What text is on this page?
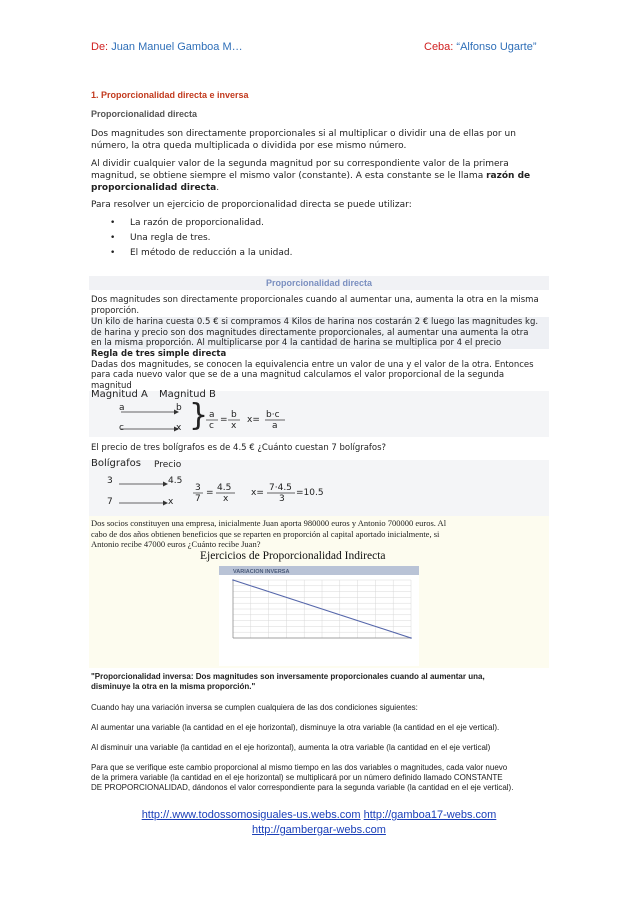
De: Juan Manuel Gamboa M…	Ceba: “Alfonso Ugarte”
1. Proporcionalidad directa e inversa
Proporcionalidad directa
Dos magnitudes son directamente proporcionales si al multiplicar o dividir una de ellas por un
número, la otra queda multiplicada o dividida por ese mismo número.
Al dividir cualquier valor de la segunda magnitud por su correspondiente valor de la primera
magnitud, se obtiene siempre el mismo valor (constante). A esta constante se le llama razón de
proporcionalidad directa.
Para resolver un ejercicio de proporcionalidad directa se puede utilizar:
• La razón de proporcionalidad.
• Una regla de tres.
• El método de reducción a la unidad.
Proporcionalidad directa
Dos magnitudes son directamente proporcionales cuando al aumentar una, aumenta la otra en la misma
proporción.
Un kilo de harina cuesta 0.5 € si compramos 4 Kilos de harina nos costarán 2 € luego las magnitudes kg.
de harina y precio son dos magnitudes directamente proporcionales, al aumentar una aumenta la otra
en la misma proporción. Al multiplicarse por 4 la cantidad de harina se multiplica por 4 el precio
Regla de tres simple directa
Dadas dos magnitudes, se conocen la equivalencia entre un valor de una y el valor de la otra. Entonces
para cada nuevo valor que se de a una magnitud calculamos el valor proporcional de la segunda
magnitud
Magnitud A Magnitud B
a	b
c	x } a
c
= b
x
x= b·c
a
El precio de tres bolígrafos es de 4.5 € ¿Cuánto cuestan 7 bolígrafos?
Bolígrafos Precio
3	4.5
7	x
3
7
= 4.5
x
x= 7·4.5
3
=10.5
Dos socios constituyen una empresa, inicialmente Juan aporta 980000 euros y Antonio 700000 euros. Al
cabo de dos años obtienen beneficios que se reparten en proporción al capital aportado inicialmente, si
Antonio recibe 47000 euros ¿Cuánto recibe Juan?
Ejercicios de Proporcionalidad Indirecta
VARIACION INVERSA
"Proporcionalidad inversa: Dos magnitudes son inversamente proporcionales cuando al aumentar una,
disminuye la otra en la misma proporción."
Cuando hay una variación inversa se cumplen cualquiera de las dos condiciones siguientes:
Al aumentar una variable (la cantidad en el eje horizontal), disminuye la otra variable (la cantidad en el eje vertical).
Al disminuir una variable (la cantidad en el eje horizontal), aumenta la otra variable (la cantidad en el eje vertical)
Para que se verifique este cambio proporcional al mismo tiempo en las dos variables o magnitudes, cada valor nuevo
de la primera variable (la cantidad en el eje horizontal) se multiplicará por un número definido llamado CONSTANTE
DE PROPORCIONALIDAD, dándonos el valor correspondiente para la segunda variable (la cantidad en el eje vertical).
http://.www.todossomosiguales-us.webs.com http://gamboa17-webs.com
http://gambergar-webs.com
